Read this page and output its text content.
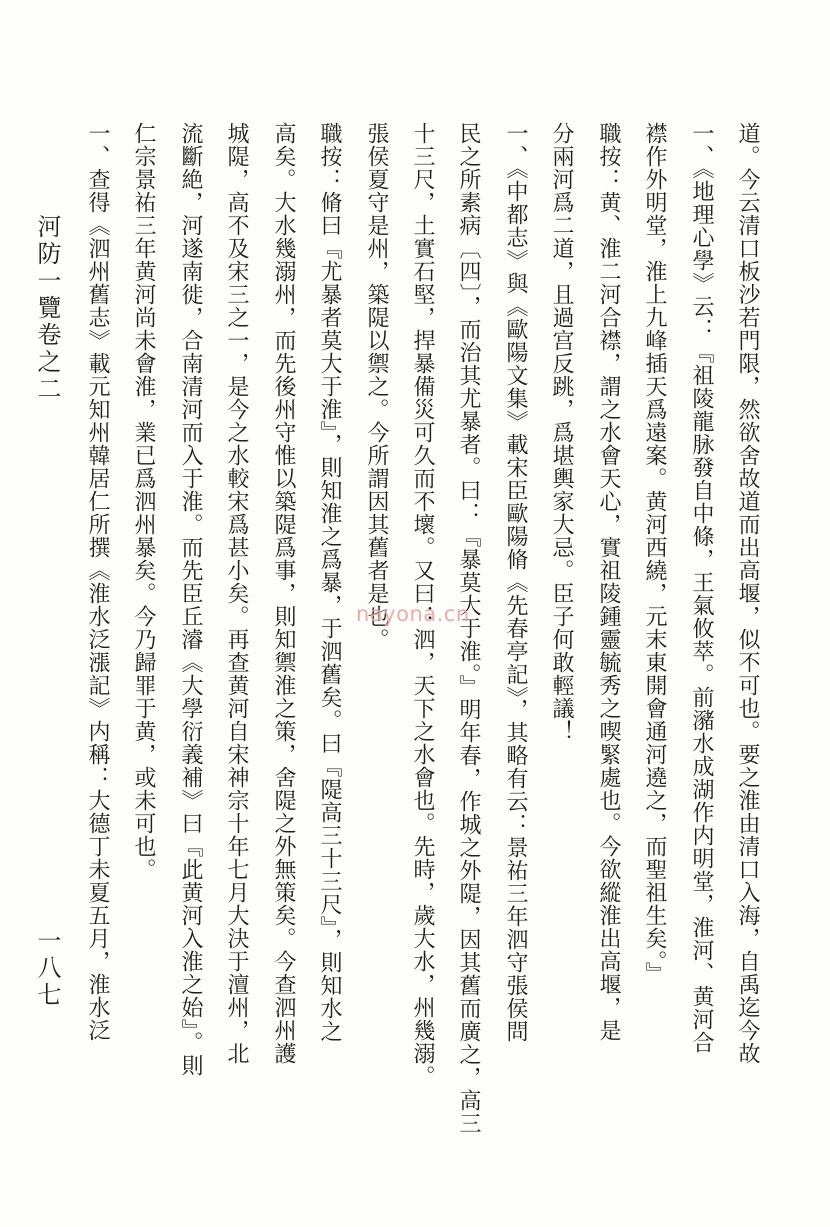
道。今云清口板沙若門限，然欲舍故道而出高堰，似不可也。要之淮由清口入海，自禹迄今故
一、《地理心學》云：『祖陵龍脉發自中條，王氣攸萃。前瀦水成湖作内明堂，淮河、黄河合
襟作外明堂，淮上九峰插天爲遠案。黄河西繞，元末東開會通河遶之，而聖祖生矣。』
職按：黄、淮二河合襟，謂之水會天心，實祖陵鍾靈毓秀之喫緊處也。今欲縱淮出高堰，是
分兩河爲二道，且過宫反跳，爲堪輿家大忌。臣子何敢輕議！
一、《中都志》與《歐陽文集》載宋臣歐陽脩《先春亭記》，其略有云：景祐三年泗守張侯問
民之所素病〔四〕，而治其尤暴者。曰：『暴莫大于淮。』明年春，作城之外隄，因其舊而廣之，高三
十三尺，土實石堅，捍暴備災可久而不壞。又曰：泗，天下之水會也。先時，歲大水，州幾溺。
張侯夏守是州，築隄以禦之。今所謂因其舊者是也。
職按：脩曰『尤暴者莫大于淮』，則知淮之爲暴，于泗舊矣。曰『隄高三十三尺』，則知水之
高矣。大水幾溺州，而先後州守惟以築隄爲事，則知禦淮之策，舍隄之外無策矣。今查泗州護
城隄，高不及宋三之一，是今之水較宋爲甚小矣。再查黄河自宋神宗十年七月大決于澶州，北
流斷絶，河遂南徙，合南清河而入于淮。而先臣丘濬《大學衍義補》曰『此黄河入淮之始』。則
仁宗景祐三年黄河尚未會淮，業已爲泗州暴矣。今乃歸罪于黄，或未可也。
一、查得《泗州舊志》載元知州韓居仁所撰《淮水泛漲記》内稱：大德丁未夏五月，淮水泛
河防一覽卷之二
一八七
nayona.cn
